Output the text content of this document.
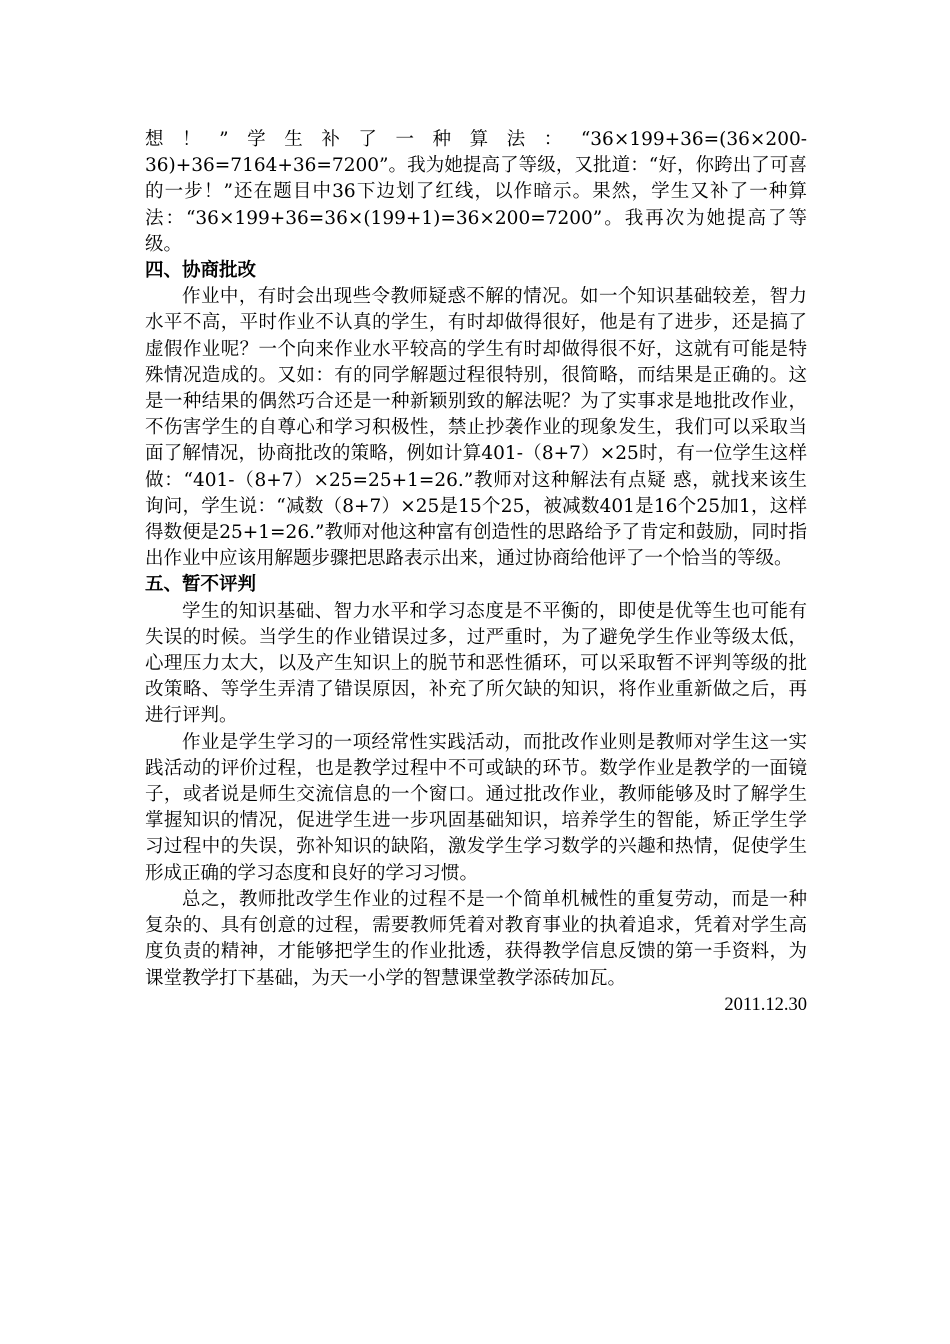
想！”学生补了一种算法：“36×199+36=(36×200-36)+36=7164+36=7200”。我为她提高了等级，又批道：“好，你跨出了可喜的一步！”还在题目中36下边划了红线，以作暗示。果然，学生又补了一种算法：“36×199+36=36×(199+1)=36×200=7200”。我再次为她提高了等级。

四、协商批改

作业中，有时会出现些令教师疑惑不解的情况。如一个知识基础较差，智力水平不高，平时作业不认真的学生，有时却做得很好，他是有了进步，还是搞了虚假作业呢？一个向来作业水平较高的学生有时却做得很不好，这就有可能是特殊情况造成的。又如：有的同学解题过程很特别，很简略，而结果是正确的。这是一种结果的偶然巧合还是一种新颖别致的解法呢？为了实事求是地批改作业，不伤害学生的自尊心和学习积极性，禁止抄袭作业的现象发生，我们可以采取当面了解情况，协商批改的策略，例如计算401-（8+7）×25时，有一位学生这样做：“401-（8+7）×25=25+1=26.”教师对这种解法有点疑 惑，就找来该生询问，学生说：“减数（8+7）×25是15个25，被减数401是16个25加1，这样得数便是25+1=26.”教师对他这种富有创造性的思路给予了肯定和鼓励，同时指出作业中应该用解题步骤把思路表示出来，通过协商给他评了一个恰当的等级。

五、暂不评判

学生的知识基础、智力水平和学习态度是不平衡的，即使是优等生也可能有失误的时候。当学生的作业错误过多，过严重时，为了避免学生作业等级太低，心理压力太大，以及产生知识上的脱节和恶性循环，可以采取暂不评判等级的批改策略、等学生弄清了错误原因，补充了所欠缺的知识，将作业重新做之后，再进行评判。

作业是学生学习的一项经常性实践活动，而批改作业则是教师对学生这一实践活动的评价过程，也是教学过程中不可或缺的环节。数学作业是教学的一面镜子，或者说是师生交流信息的一个窗口。通过批改作业，教师能够及时了解学生掌握知识的情况，促进学生进一步巩固基础知识，培养学生的智能，矫正学生学习过程中的失误，弥补知识的缺陷，激发学生学习数学的兴趣和热情，促使学生形成正确的学习态度和良好的学习习惯。

总之，教师批改学生作业的过程不是一个简单机械性的重复劳动，而是一种复杂的、具有创意的过程，需要教师凭着对教育事业的执着追求，凭着对学生高度负责的精神，才能够把学生的作业批透，获得教学信息反馈的第一手资料，为课堂教学打下基础，为天一小学的智慧课堂教学添砖加瓦。

2011.12.30
